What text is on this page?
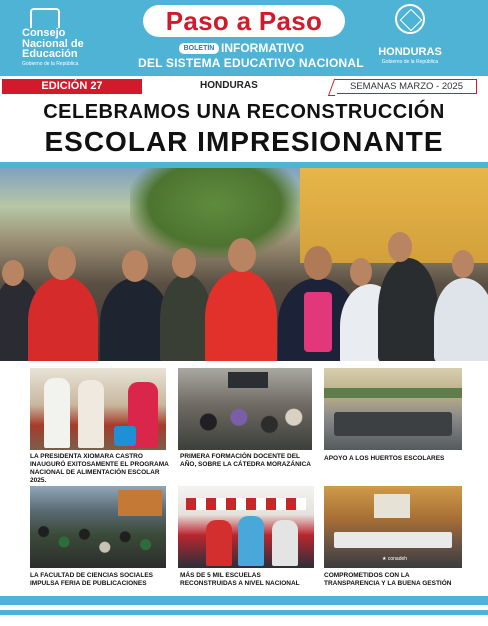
Consejo
Nacional de
Educación
Gobierno de la República
Paso a Paso
BOLETÍN INFORMATIVO
DEL SISTEMA EDUCATIVO NACIONAL
HONDURAS
Gobierno de la República
EDICIÓN 27	HONDURAS	SEMANAS MARZO - 2025
CELEBRAMOS UNA RECONSTRUCCIÓN
ESCOLAR IMPRESIONANTE
LA PRESIDENTA XIOMARA CASTRO INAUGURÓ EXITOSAMENTE EL PROGRAMA NACIONAL DE ALIMENTACIÓN ESCOLAR 2025.
PRIMERA FORMACIÓN DOCENTE DEL AÑO, SOBRE LA CÁTEDRA MORAZÁNICA
APOYO A LOS HUERTOS ESCOLARES
LA FACULTAD DE CIENCIAS SOCIALES IMPULSA FERIA DE PUBLICACIONES
MÁS DE 5 MIL ESCUELAS RECONSTRUIDAS A NIVEL NACIONAL
★ conadeh
COMPROMETIDOS CON LA TRANSPARENCIA Y LA BUENA GESTIÓN
